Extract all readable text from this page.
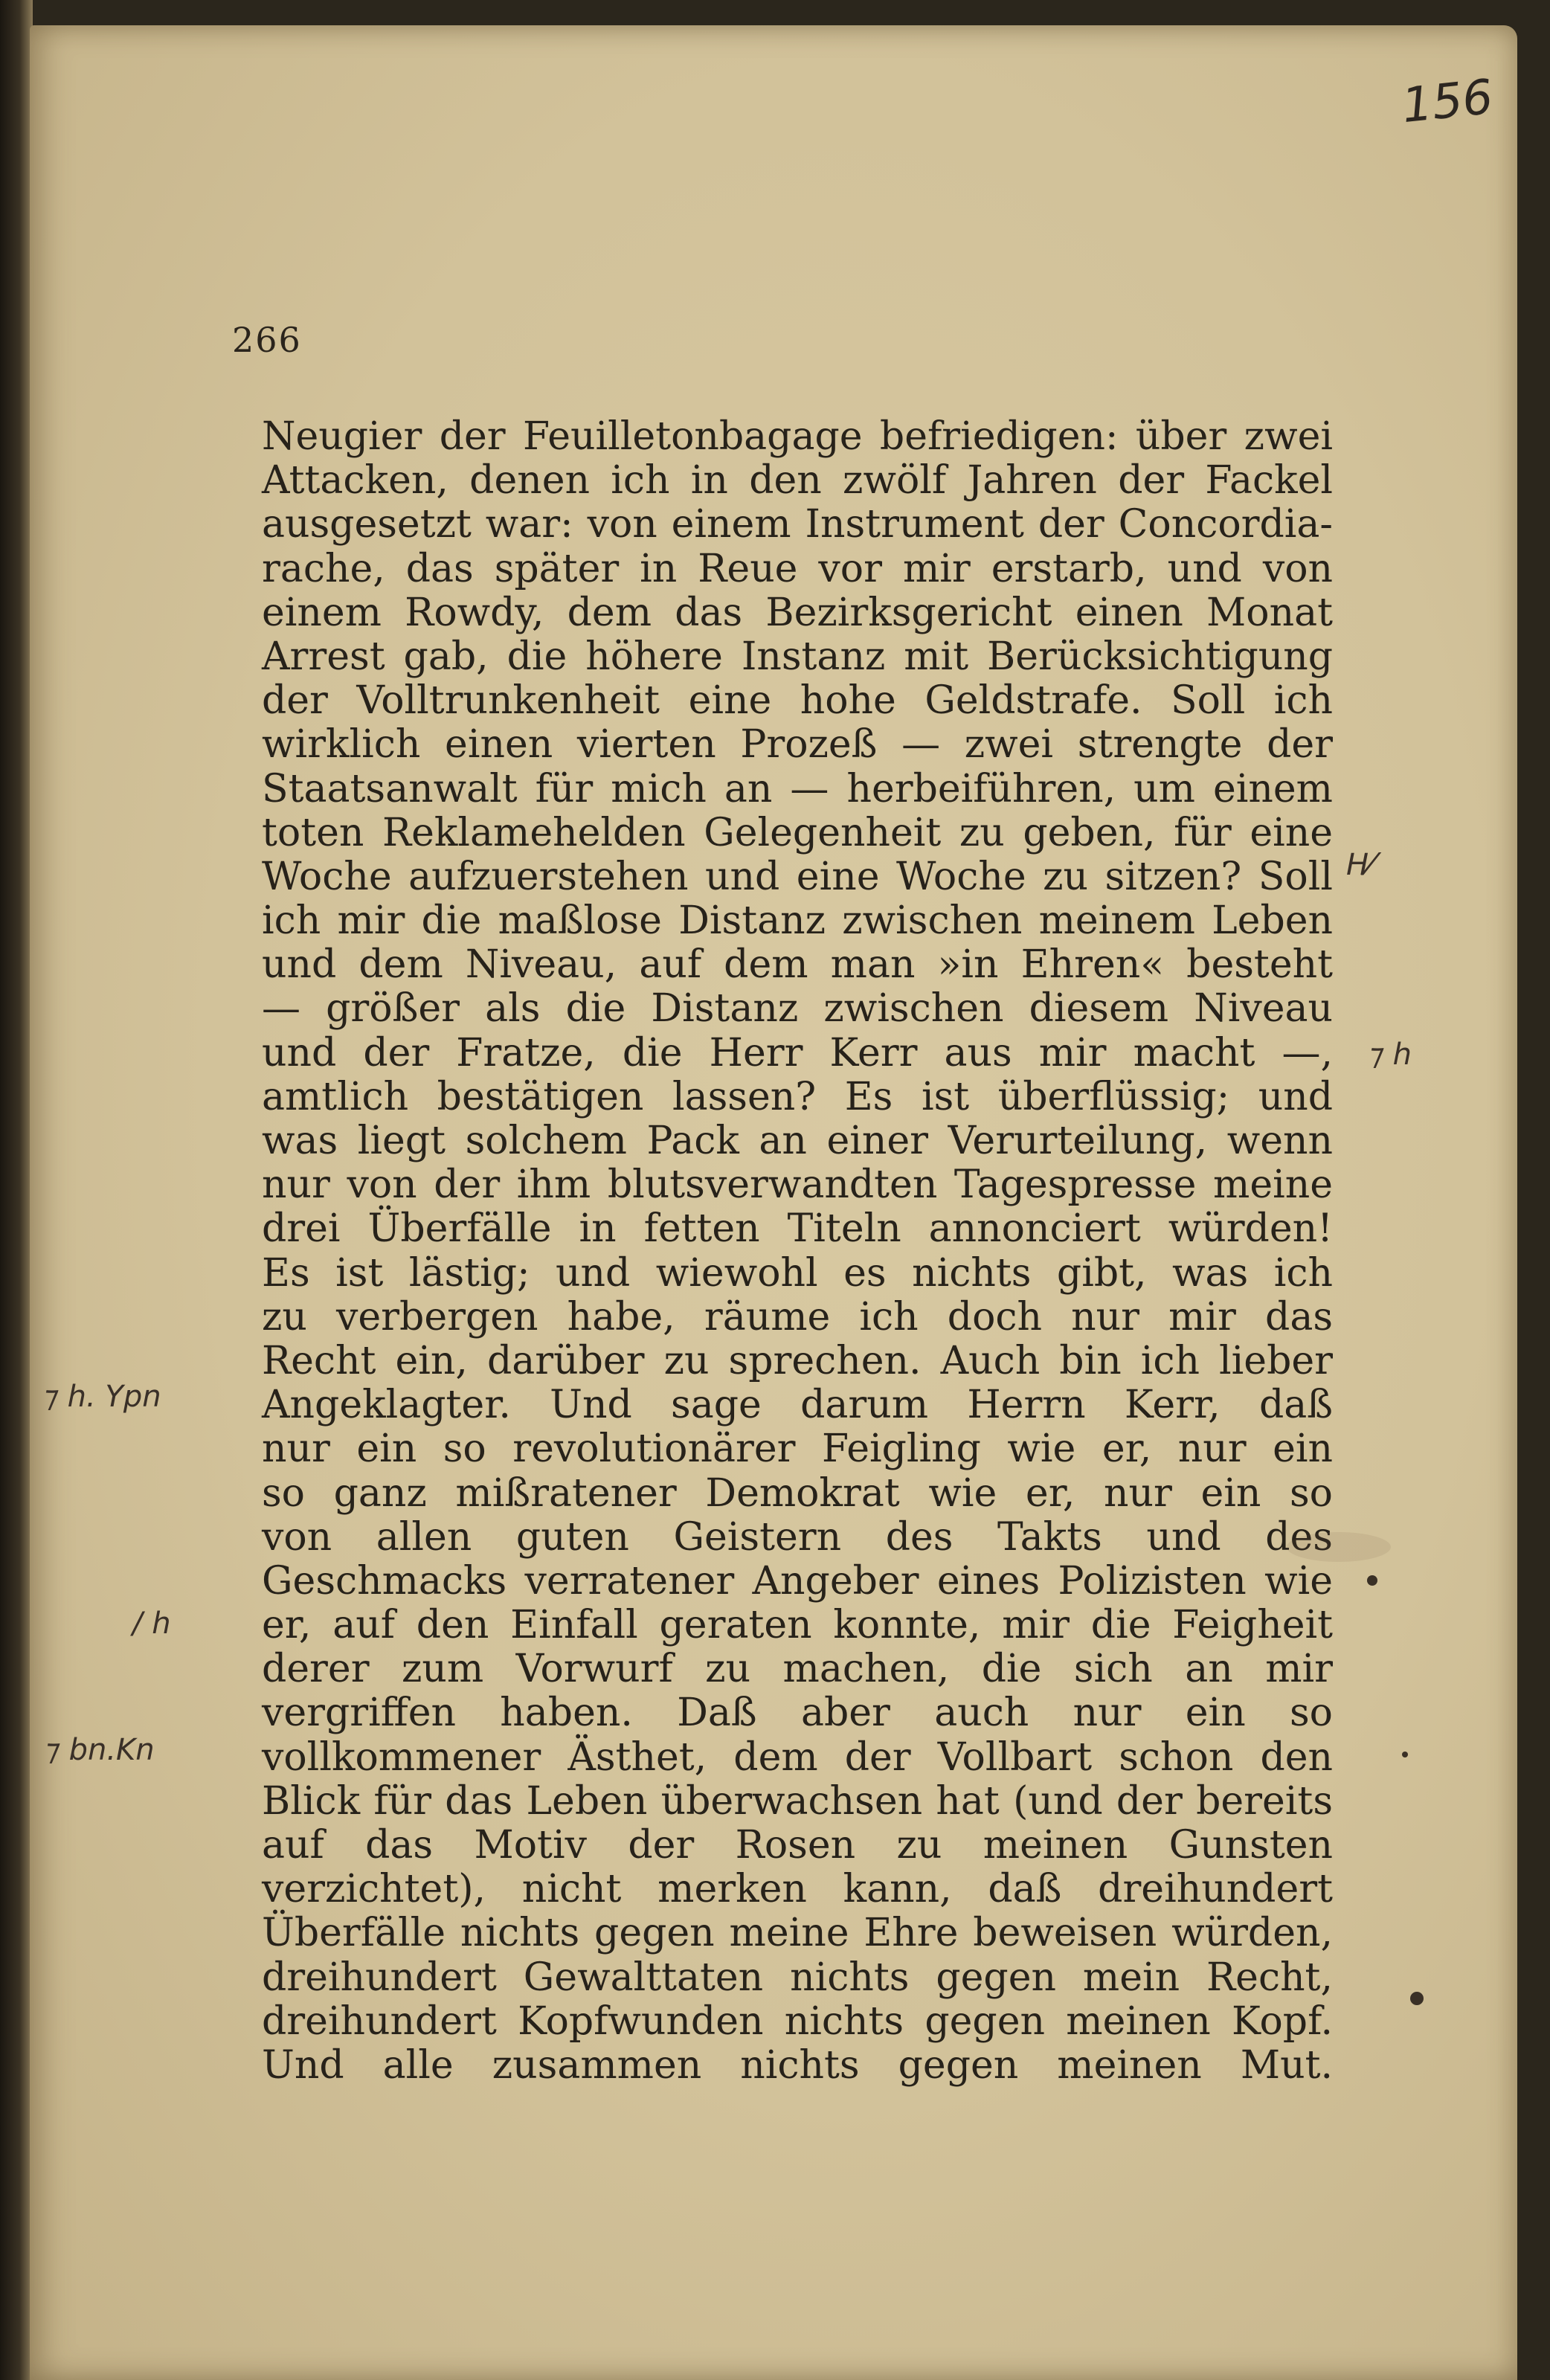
156
266
Neugier der Feuilletonbagage befriedigen: über zwei
Attacken, denen ich in den zwölf Jahren der Fackel
ausgesetzt war: von einem Instrument der Concordia-
rache, das später in Reue vor mir erstarb, und von
einem Rowdy, dem das Bezirksgericht einen Monat
Arrest gab, die höhere Instanz mit Berücksichtigung
der Volltrunkenheit eine hohe Geldstrafe. Soll ich
wirklich einen vierten Prozeß — zwei strengte der
Staatsanwalt für mich an — herbeiführen, um einem
toten Reklamehelden Gelegenheit zu geben, für eine
Woche aufzuerstehen und eine Woche zu sitzen? Soll
ich mir die maßlose Distanz zwischen meinem Leben
und dem Niveau, auf dem man »in Ehren« besteht
— größer als die Distanz zwischen diesem Niveau
und der Fratze, die Herr Kerr aus mir macht —,
amtlich bestätigen lassen? Es ist überflüssig; und
was liegt solchem Pack an einer Verurteilung, wenn
nur von der ihm blutsverwandten Tagespresse meine
drei Überfälle in fetten Titeln annonciert würden!
Es ist lästig; und wiewohl es nichts gibt, was ich
zu verbergen habe, räume ich doch nur mir das
Recht ein, darüber zu sprechen. Auch bin ich lieber
Angeklagter. Und sage darum Herrn Kerr, daß
nur ein so revolutionärer Feigling wie er, nur ein
so ganz mißratener Demokrat wie er, nur ein so
von allen guten Geistern des Takts und des
Geschmacks verratener Angeber eines Polizisten wie
er, auf den Einfall geraten konnte, mir die Feigheit
derer zum Vorwurf zu machen, die sich an mir
vergriffen haben. Daß aber auch nur ein so
vollkommener Ästhet, dem der Vollbart schon den
Blick für das Leben überwachsen hat (und der bereits
auf das Motiv der Rosen zu meinen Gunsten
verzichtet), nicht merken kann, daß dreihundert
Überfälle nichts gegen meine Ehre beweisen würden,
dreihundert Gewalttaten nichts gegen mein Recht,
dreihundert Kopfwunden nichts gegen meinen Kopf.
Und alle zusammen nichts gegen meinen Mut.
H⁄
⁊ h
⁊ h. Ypn
/ h
⁊ bn.Kn
